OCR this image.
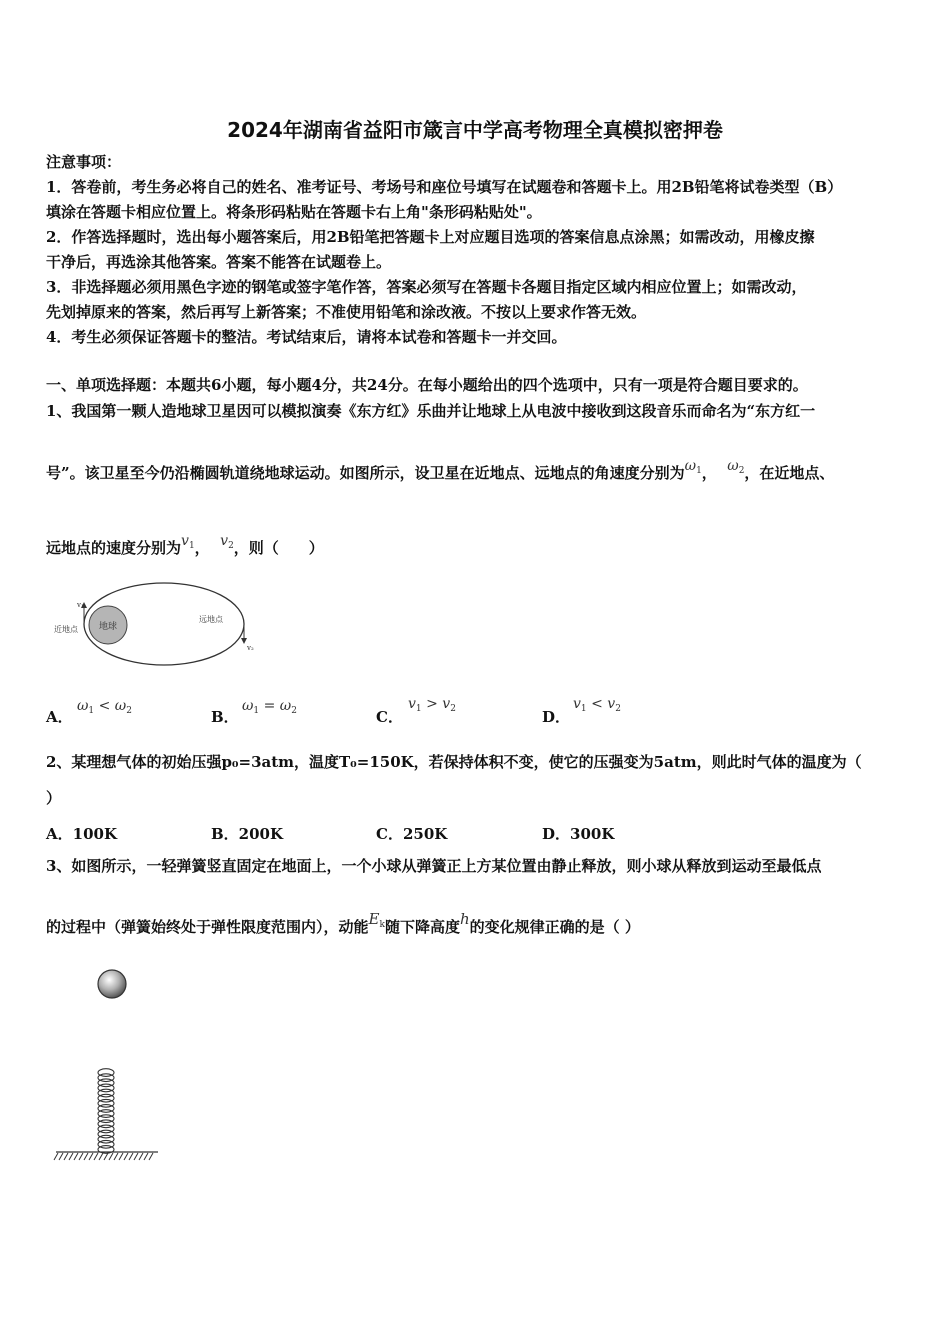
2024年湖南省益阳市箴言中学高考物理全真模拟密押卷
注意事项：
1．答卷前，考生务必将自己的姓名、准考证号、考场号和座位号填写在试题卷和答题卡上。用2B铅笔将试卷类型（B）
填涂在答题卡相应位置上。将条形码粘贴在答题卡右上角"条形码粘贴处"。
2．作答选择题时，选出每小题答案后，用2B铅笔把答题卡上对应题目选项的答案信息点涂黑；如需改动，用橡皮擦
干净后，再选涂其他答案。答案不能答在试题卷上。
3．非选择题必须用黑色字迹的钢笔或签字笔作答，答案必须写在答题卡各题目指定区域内相应位置上；如需改动，
先划掉原来的答案，然后再写上新答案；不准使用铅笔和涂改液。不按以上要求作答无效。
4．考生必须保证答题卡的整洁。考试结束后，请将本试卷和答题卡一并交回。
一、单项选择题：本题共6小题，每小题4分，共24分。在每小题给出的四个选项中，只有一项是符合题目要求的。
1、我国第一颗人造地球卫星因可以模拟演奏《东方红》乐曲并让地球上从电波中接收到这段音乐而命名为“东方红一
号”。该卫星至今仍沿椭圆轨道绕地球运动。如图所示，设卫星在近地点、远地点的角速度分别为$\omega_1$， $\omega_2$，在近地点、
远地点的速度分别为$v_1$， $v_2$，则（　　）
地球
v₁
近地点
v₂
远地点
A．
$\omega_1 < \omega_2$	B．
$\omega_1 = \omega_2$	C．
$v_1 > v_2$	D．
$v_1 < v_2$
2、某理想气体的初始压强p₀=3atm，温度T₀=150K，若保持体积不变，使它的压强变为5atm，则此时气体的温度为（
）
A．100K	B．200K	C．250K	D．300K
3、如图所示，一轻弹簧竖直固定在地面上，一个小球从弹簧正上方某位置由静止释放，则小球从释放到运动至最低点
的过程中（弹簧始终处于弹性限度范围内），动能$E_k$随下降高度h的变化规律正确的是（ ）
